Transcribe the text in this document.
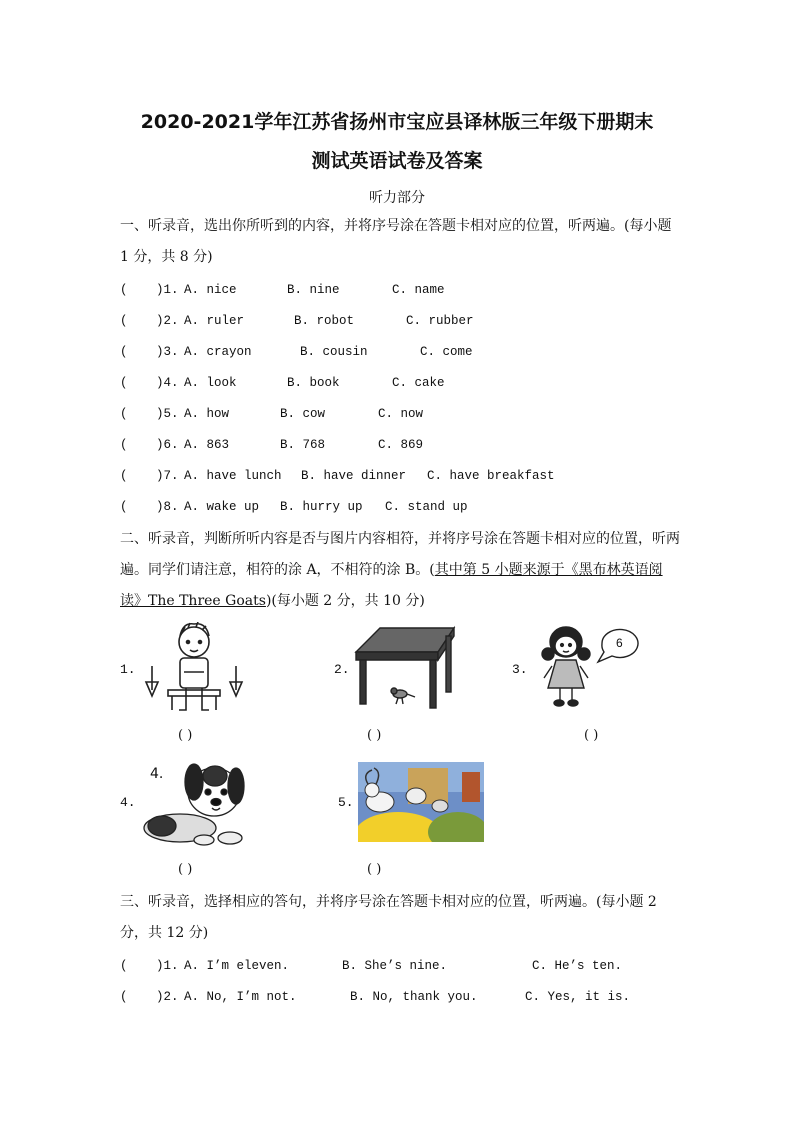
2020-2021学年江苏省扬州市宝应县译林版三年级下册期末
测试英语试卷及答案
听力部分
一、听录音，选出你所听到的内容，并将序号涂在答题卡相对应的位置，听两遍。(每小题 1 分，共 8 分)
( )1. A. nice	B. nine	C. name
( )2. A. ruler	B. robot	C. rubber
( )3. A. crayon	B. cousin	C. come
( )4. A. look	B. book	C. cake
( )5. A. how	B. cow	C. now
( )6. A. 863	B. 768	C. 869
( )7. A. have lunch B. have dinner C. have breakfast
( )8. A. wake up B. hurry up C. stand up
二、听录音，判断所听内容是否与图片内容相符，并将序号涂在答题卡相对应的位置，听两遍。同学们请注意，相符的涂 A，不相符的涂 B。(其中第 5 小题来源于《黑布林英语阅读》The Three Goats)(每小题 2 分，共 10 分)
1.
( )
2.
( )
3.
6
( )
4.
4.
( )
5.
( )
三、听录音，选择相应的答句，并将序号涂在答题卡相对应的位置，听两遍。(每小题 2 分，共 12 分)
( )1. A. I’m eleven.	B. She’s nine.	C. He’s ten.
( )2. A. No, I’m not.	B. No, thank you.	C. Yes, it is.
